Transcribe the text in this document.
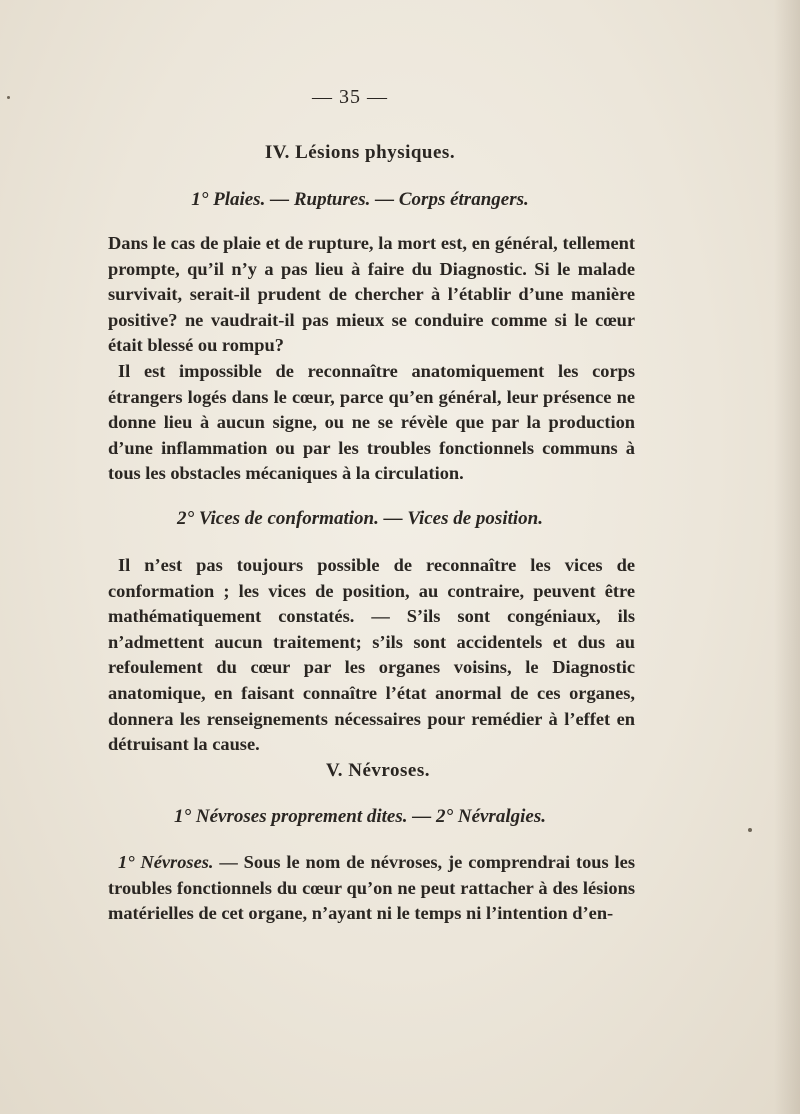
— 35 —
IV. Lésions physiques.
1° Plaies. — Ruptures. — Corps étrangers.

Dans le cas de plaie et de rupture, la mort est, en général, tellement prompte, qu’il n’y a pas lieu à faire du Diagnostic. Si le malade survivait, serait-il prudent de chercher à l’établir d’une manière positive? ne vaudrait-il pas mieux se conduire comme si le cœur était blessé ou rompu?

Il est impossible de reconnaître anatomiquement les corps étrangers logés dans le cœur, parce qu’en général, leur présence ne donne lieu à aucun signe, ou ne se révèle que par la production d’une inflammation ou par les troubles fonctionnels communs à tous les obstacles mécaniques à la circulation.

2° Vices de conformation. — Vices de position.

Il n’est pas toujours possible de reconnaître les vices de conformation ; les vices de position, au contraire, peuvent être mathématiquement constatés. — S’ils sont congéniaux, ils n’admettent aucun traitement; s’ils sont accidentels et dus au refoulement du cœur par les organes voisins, le Diagnostic anatomique, en faisant connaître l’état anormal de ces organes, donnera les renseignements nécessaires pour remédier à l’effet en détruisant la cause.

V. Névroses.
1° Névroses proprement dites. — 2° Névralgies.

1° Névroses. — Sous le nom de névroses, je comprendrai tous les troubles fonctionnels du cœur qu’on ne peut rattacher à des lésions matérielles de cet organe, n’ayant ni le temps ni l’intention d’en-
